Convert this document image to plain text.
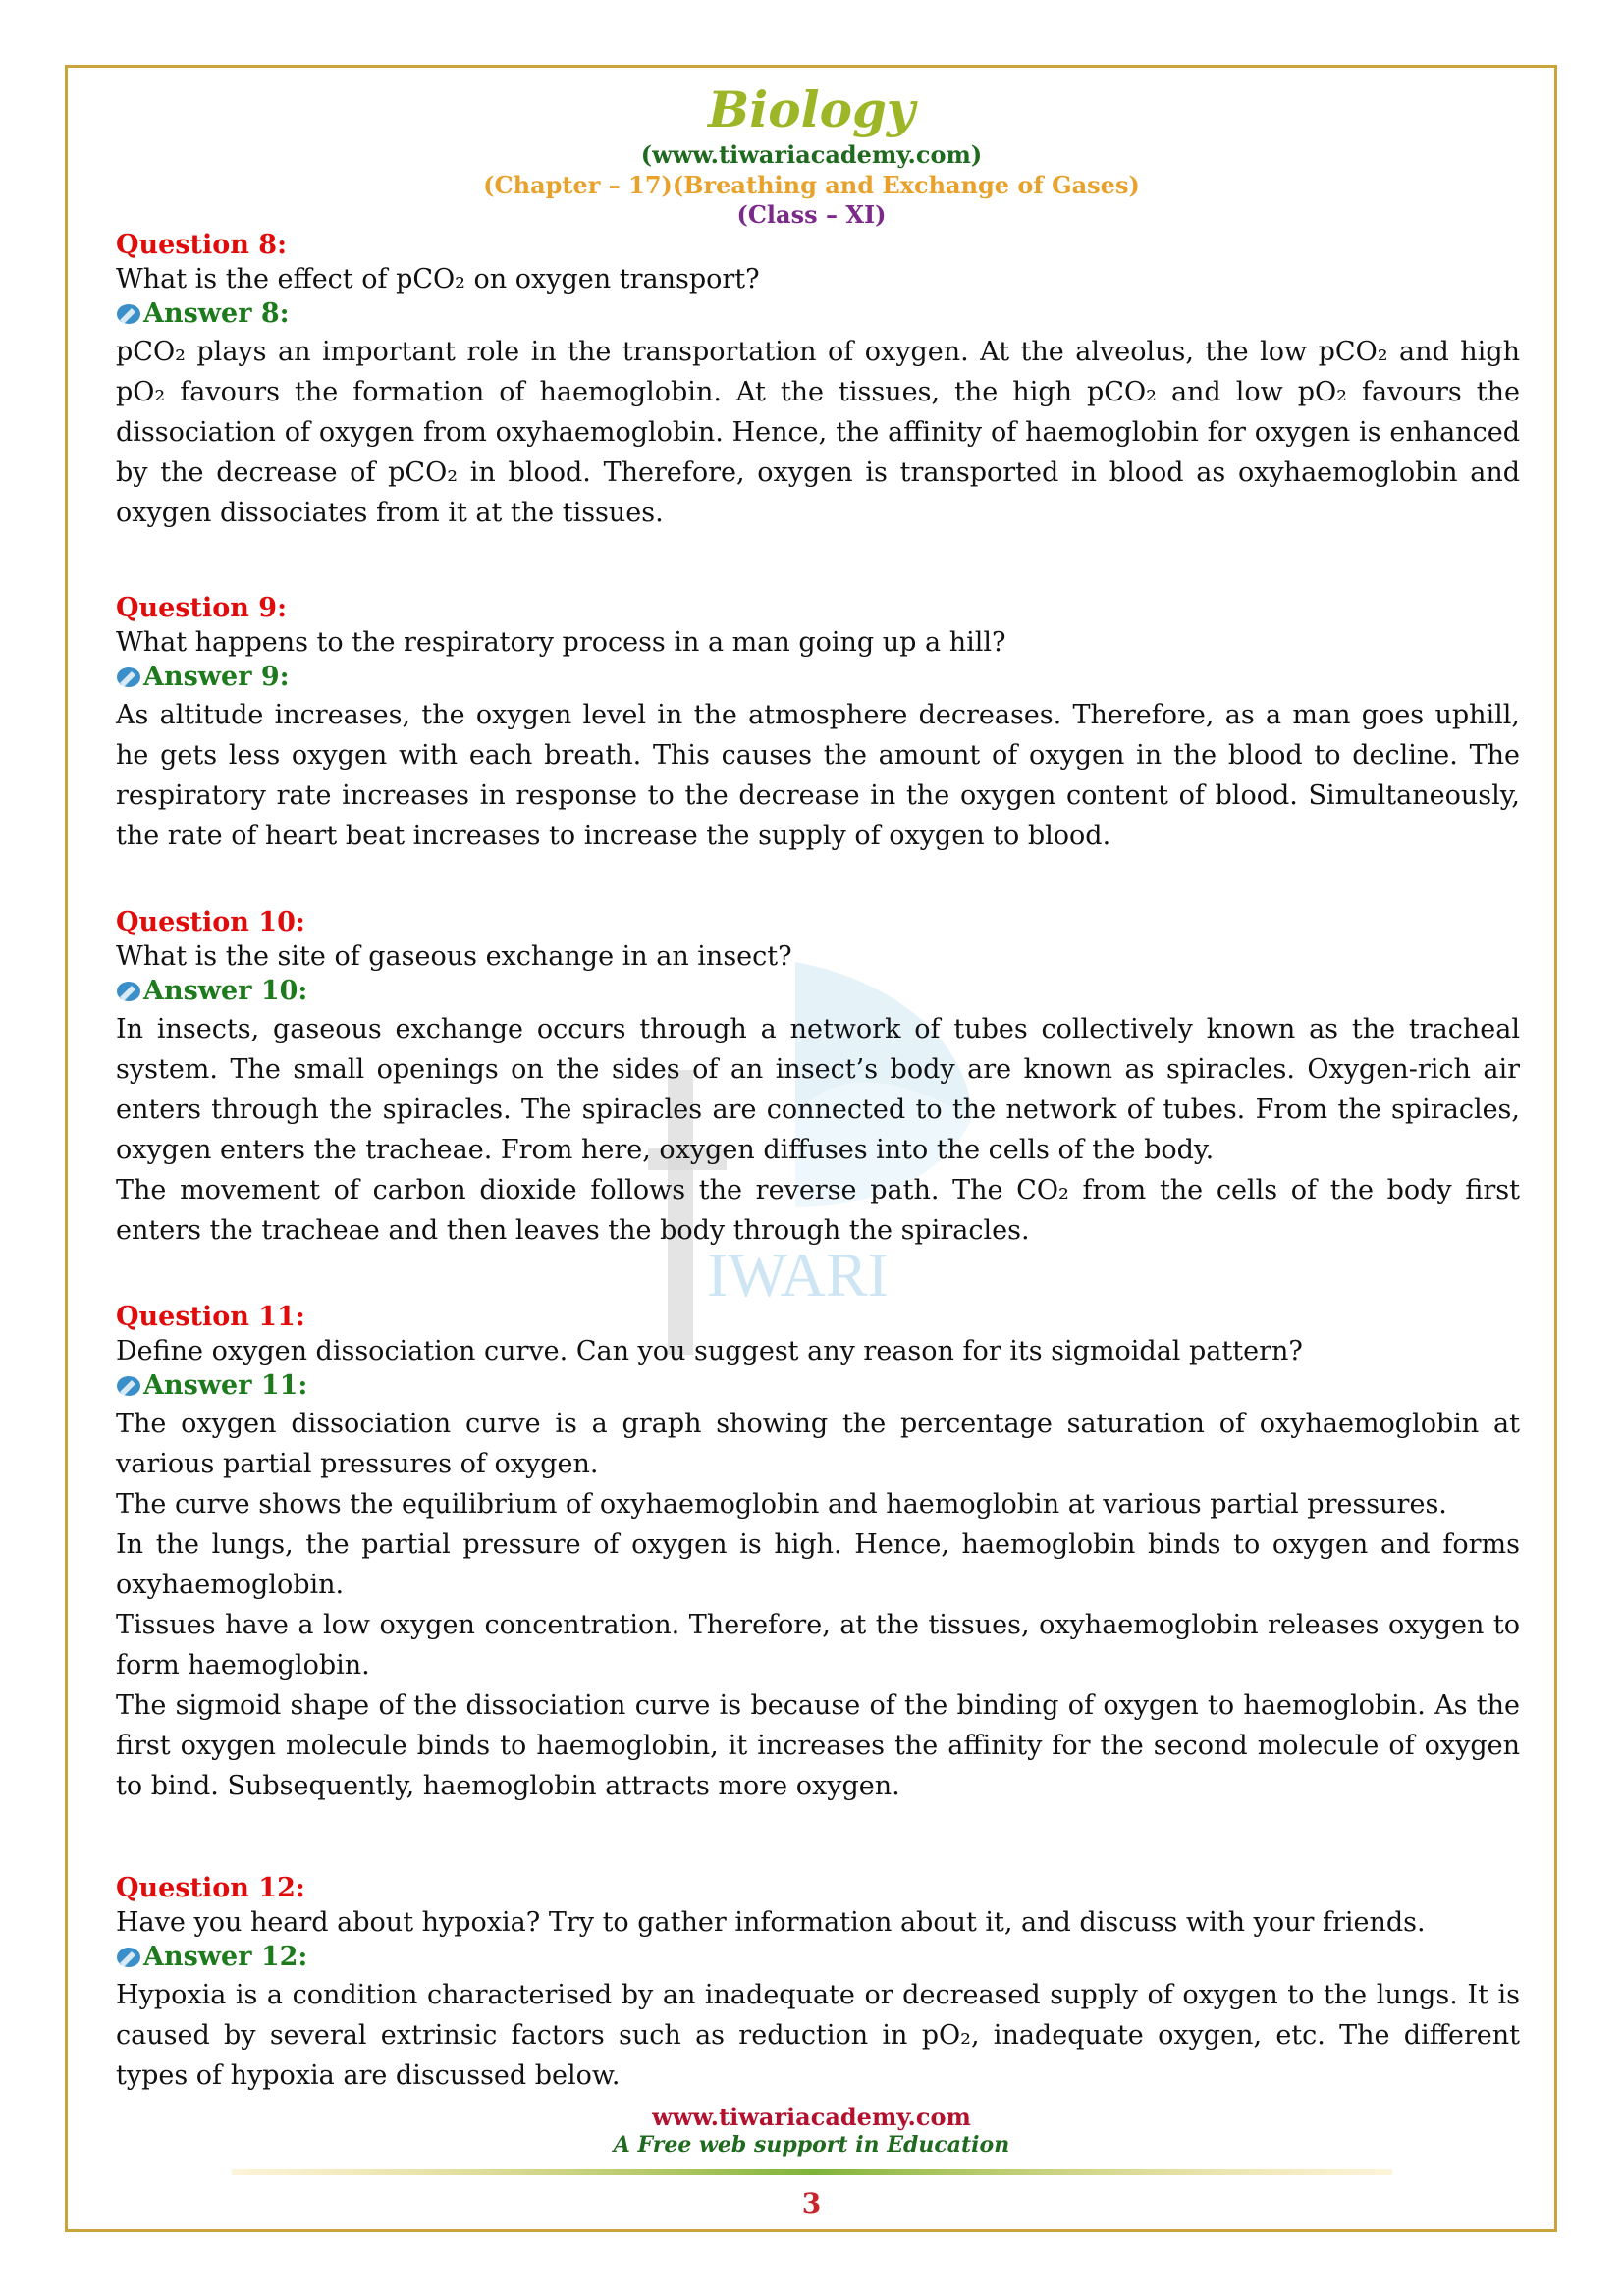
Biology
(www.tiwariacademy.com)
(Chapter – 17)(Breathing and Exchange of Gases)
(Class – XI)
IWARI
Question 8:
What is the effect of pCO₂ on oxygen transport?
Answer 8:

pCO₂ plays an important role in the transportation of oxygen. At the alveolus, the low pCO₂ and high pO₂ favours the formation of haemoglobin. At the tissues, the high pCO₂ and low pO₂ favours the dissociation of oxygen from oxyhaemoglobin. Hence, the affinity of haemoglobin for oxygen is enhanced by the decrease of pCO₂ in blood. Therefore, oxygen is transported in blood as oxyhaemoglobin and oxygen dissociates from it at the tissues.

Question 9:
What happens to the respiratory process in a man going up a hill?
Answer 9:

As altitude increases, the oxygen level in the atmosphere decreases. Therefore, as a man goes uphill, he gets less oxygen with each breath. This causes the amount of oxygen in the blood to decline. The respiratory rate increases in response to the decrease in the oxygen content of blood. Simultaneously, the rate of heart beat increases to increase the supply of oxygen to blood.

Question 10:
What is the site of gaseous exchange in an insect?
Answer 10:

In insects, gaseous exchange occurs through a network of tubes collectively known as the tracheal system. The small openings on the sides of an insect’s body are known as spiracles. Oxygen-rich air enters through the spiracles. The spiracles are connected to the network of tubes. From the spiracles, oxygen enters the tracheae. From here, oxygen diffuses into the cells of the body.

The movement of carbon dioxide follows the reverse path. The CO₂ from the cells of the body first enters the tracheae and then leaves the body through the spiracles.

Question 11:
Define oxygen dissociation curve. Can you suggest any reason for its sigmoidal pattern?
Answer 11:

The oxygen dissociation curve is a graph showing the percentage saturation of oxyhaemoglobin at various partial pressures of oxygen.

The curve shows the equilibrium of oxyhaemoglobin and haemoglobin at various partial pressures.

In the lungs, the partial pressure of oxygen is high. Hence, haemoglobin binds to oxygen and forms oxyhaemoglobin.

Tissues have a low oxygen concentration. Therefore, at the tissues, oxyhaemoglobin releases oxygen to form haemoglobin.

The sigmoid shape of the dissociation curve is because of the binding of oxygen to haemoglobin. As the first oxygen molecule binds to haemoglobin, it increases the affinity for the second molecule of oxygen to bind. Subsequently, haemoglobin attracts more oxygen.

Question 12:
Have you heard about hypoxia? Try to gather information about it, and discuss with your friends.
Answer 12:

Hypoxia is a condition characterised by an inadequate or decreased supply of oxygen to the lungs. It is caused by several extrinsic factors such as reduction in pO₂, inadequate oxygen, etc. The different types of hypoxia are discussed below.

www.tiwariacademy.com
A Free web support in Education
3
